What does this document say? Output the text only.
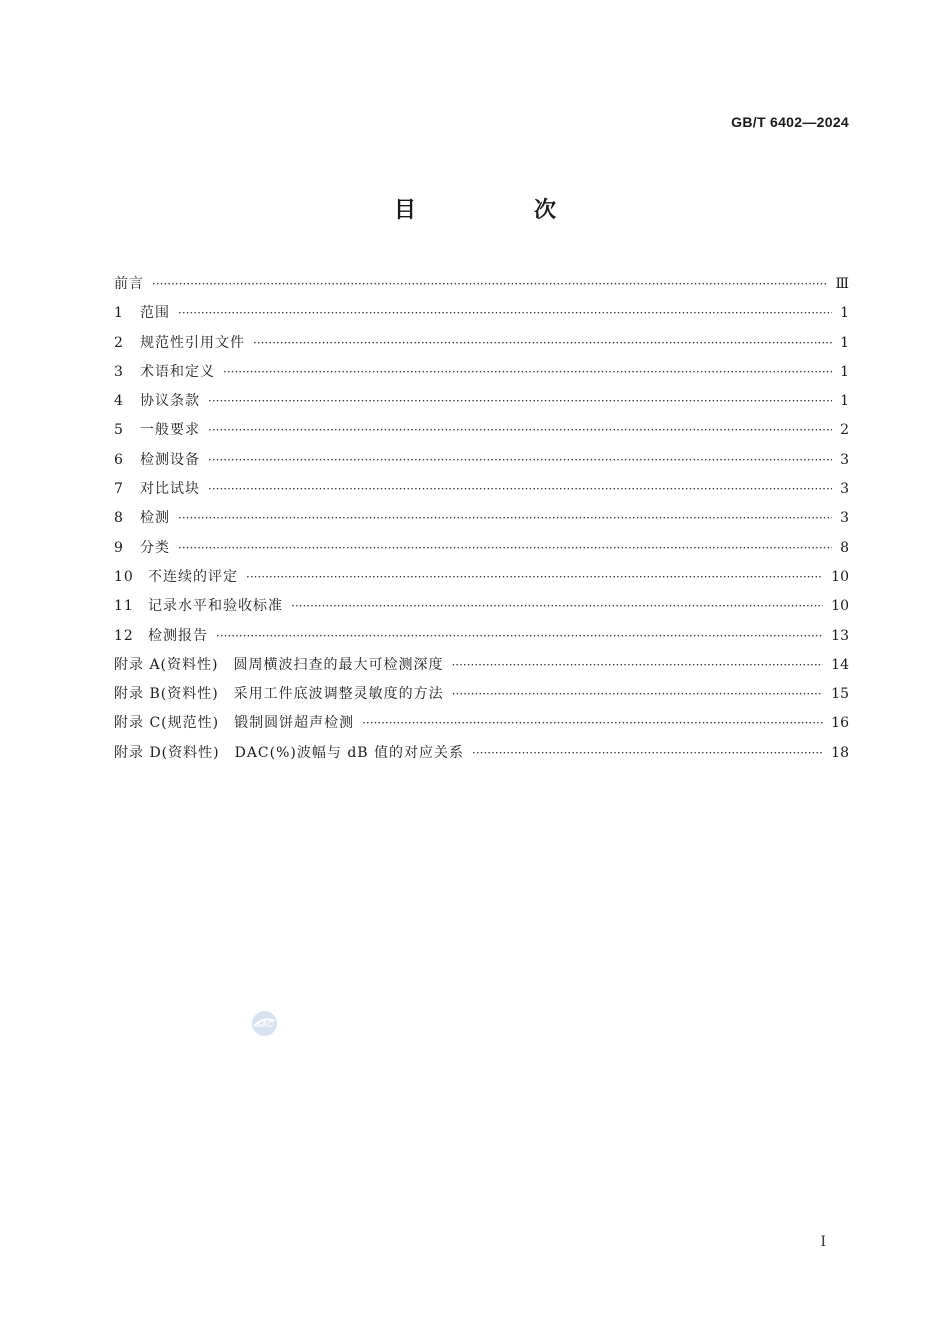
GB/T 6402—2024
目　次
前言 ·····	Ⅲ
1 范围 ·····	1
2 规范性引用文件 ·····	1
3 术语和定义 ·····	1
4 协议条款 ·····	1
5 一般要求 ·····	2
6 检测设备 ·····	3
7 对比试块 ·····	3
8 检测 ·····	3
9 分类 ·····	8
10 不连续的评定 ·····	10
11 记录水平和验收标准 ·····	10
12 检测报告 ·····	13
附录 A(资料性)　圆周横波扫查的最大可检测深度 ·····	14
附录 B(资料性)　采用工件底波调整灵敏度的方法 ·····	15
附录 C(规范性)　锻制圆饼超声检测 ·····	16
附录 D(资料性)　DAC(%)波幅与 dB 值的对应关系 ·····	18
SAC
I
